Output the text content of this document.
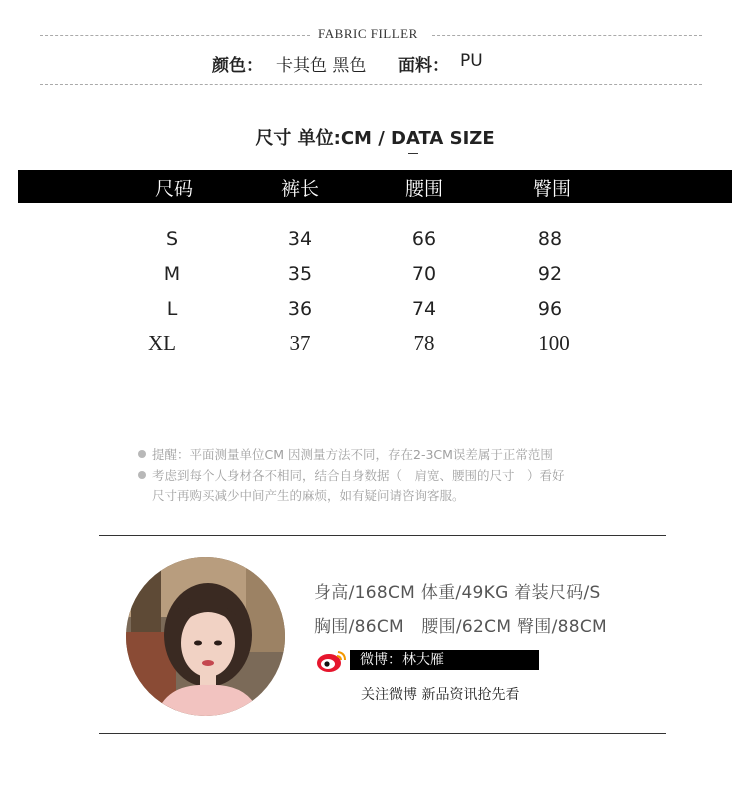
FABRIC FILLER
颜色： 卡其色 黑色 面料： PU
尺寸 单位:CM / DATA SIZE
尺码	裤长	腰围	臀围
S	34	66	88
M	35	70	92
L	36	74	96
XL	37	78	100
提醒：平面测量单位CM 因测量方法不同，存在2-3CM误差属于正常范围
考虑到每个人身材各不相同，结合自身数据（　肩宽、腰围的尺寸　）看好
尺寸再购买减少中间产生的麻烦，如有疑问请咨询客服。
身高/168CM 体重/49KG 着装尺码/S
胸围/86CM　腰围/62CM 臀围/88CM
微博：林大雁
关注微博 新品资讯抢先看
